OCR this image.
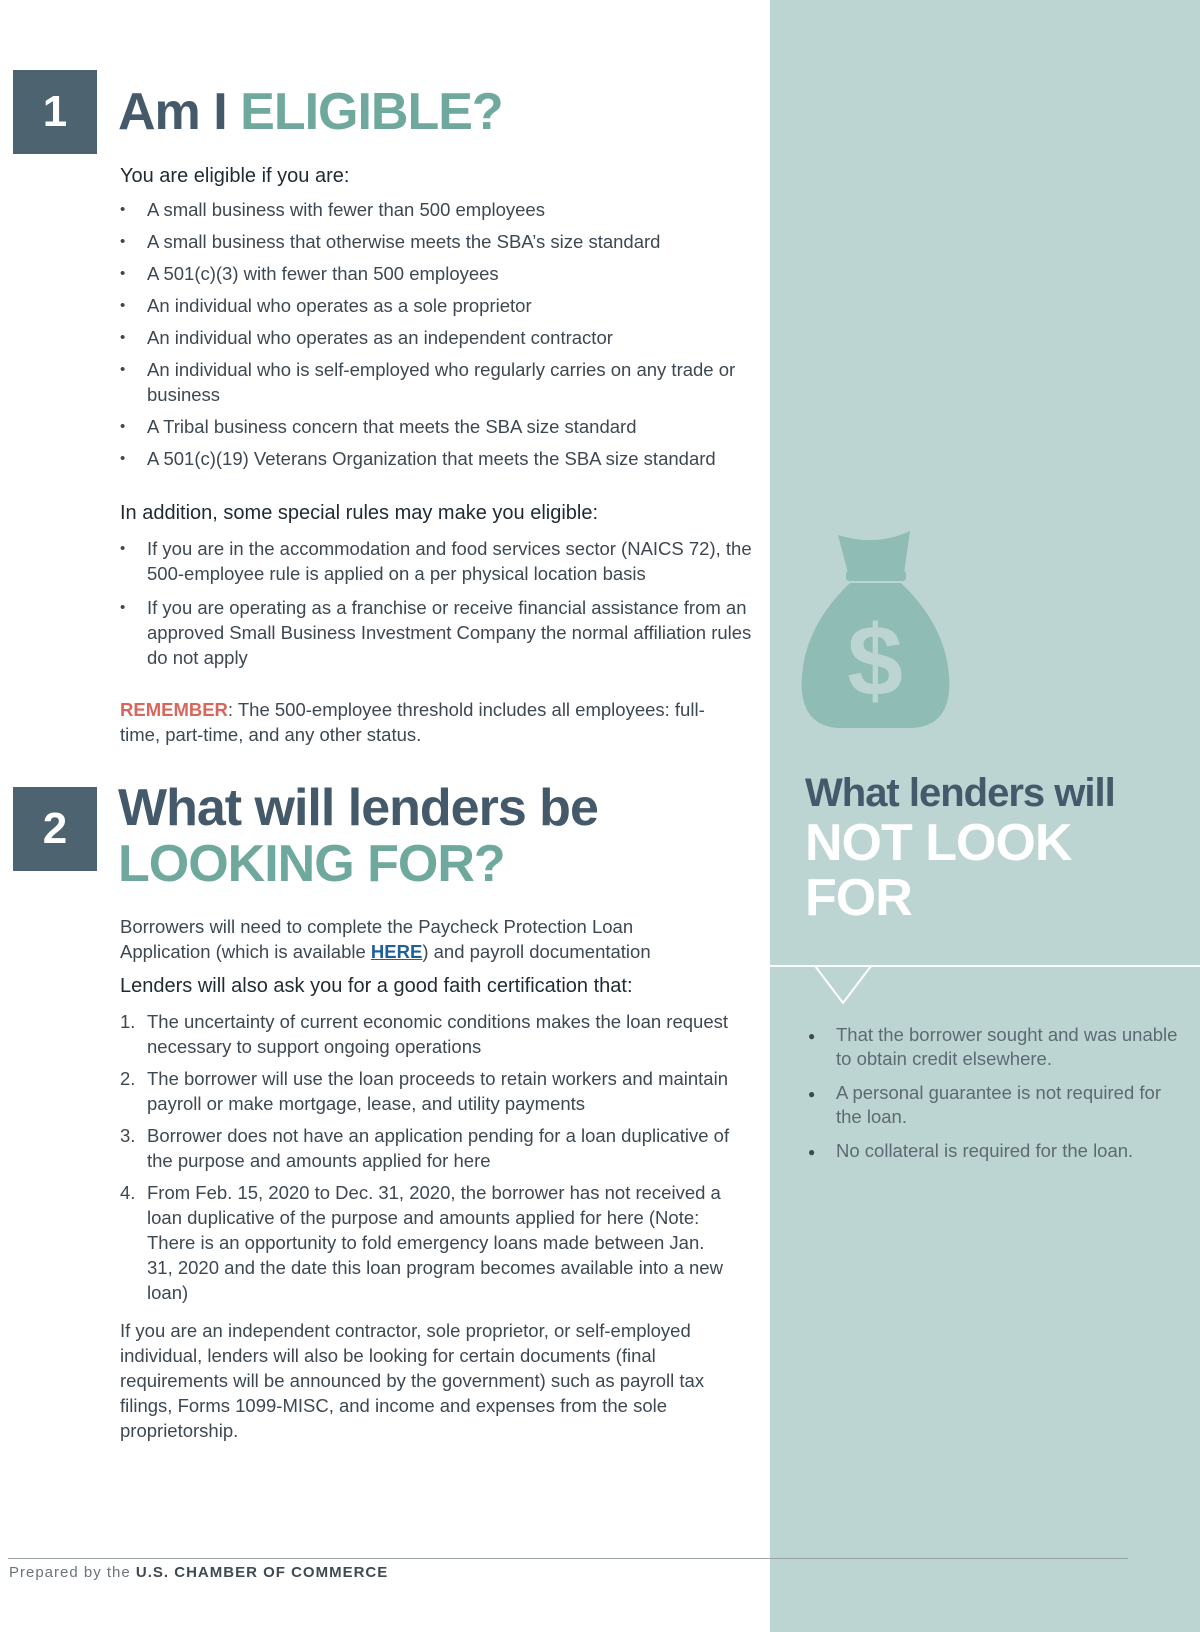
1 Am I ELIGIBLE?
You are eligible if you are:
• A small business with fewer than 500 employees
• A small business that otherwise meets the SBA’s size standard
• A 501(c)(3) with fewer than 500 employees
• An individual who operates as a sole proprietor
• An individual who operates as an independent contractor
• An individual who is self-employed who regularly carries on any trade or business
• A Tribal business concern that meets the SBA size standard
• A 501(c)(19) Veterans Organization that meets the SBA size standard
In addition, some special rules may make you eligible:
• If you are in the accommodation and food services sector (NAICS 72), the 500-employee rule is applied on a per physical location basis
• If you are operating as a franchise or receive financial assistance from an approved Small Business Investment Company the normal affiliation rules do not apply
REMEMBER: The 500-employee threshold includes all employees: full-time, part-time, and any other status.
2 What will lenders be
LOOKING FOR?
Borrowers will need to complete the Paycheck Protection Loan Application (which is available HERE) and payroll documentation
Lenders will also ask you for a good faith certification that:
1. The uncertainty of current economic conditions makes the loan request necessary to support ongoing operations
2. The borrower will use the loan proceeds to retain workers and maintain payroll or make mortgage, lease, and utility payments
3. Borrower does not have an application pending for a loan duplicative of the purpose and amounts applied for here
4. From Feb. 15, 2020 to Dec. 31, 2020, the borrower has not received a loan duplicative of the purpose and amounts applied for here (Note: There is an opportunity to fold emergency loans made between Jan. 31, 2020 and the date this loan program becomes available into a new loan)
If you are an independent contractor, sole proprietor, or self-employed individual, lenders will also be looking for certain documents (final requirements will be announced by the government) such as payroll tax filings, Forms 1099-MISC, and income and expenses from the sole proprietorship.
$
What lenders will
NOT LOOK
FOR
● That the borrower sought and was unable to obtain credit elsewhere.
● A personal guarantee is not required for the loan.
● No collateral is required for the loan.
Prepared by the U.S. CHAMBER OF COMMERCE
